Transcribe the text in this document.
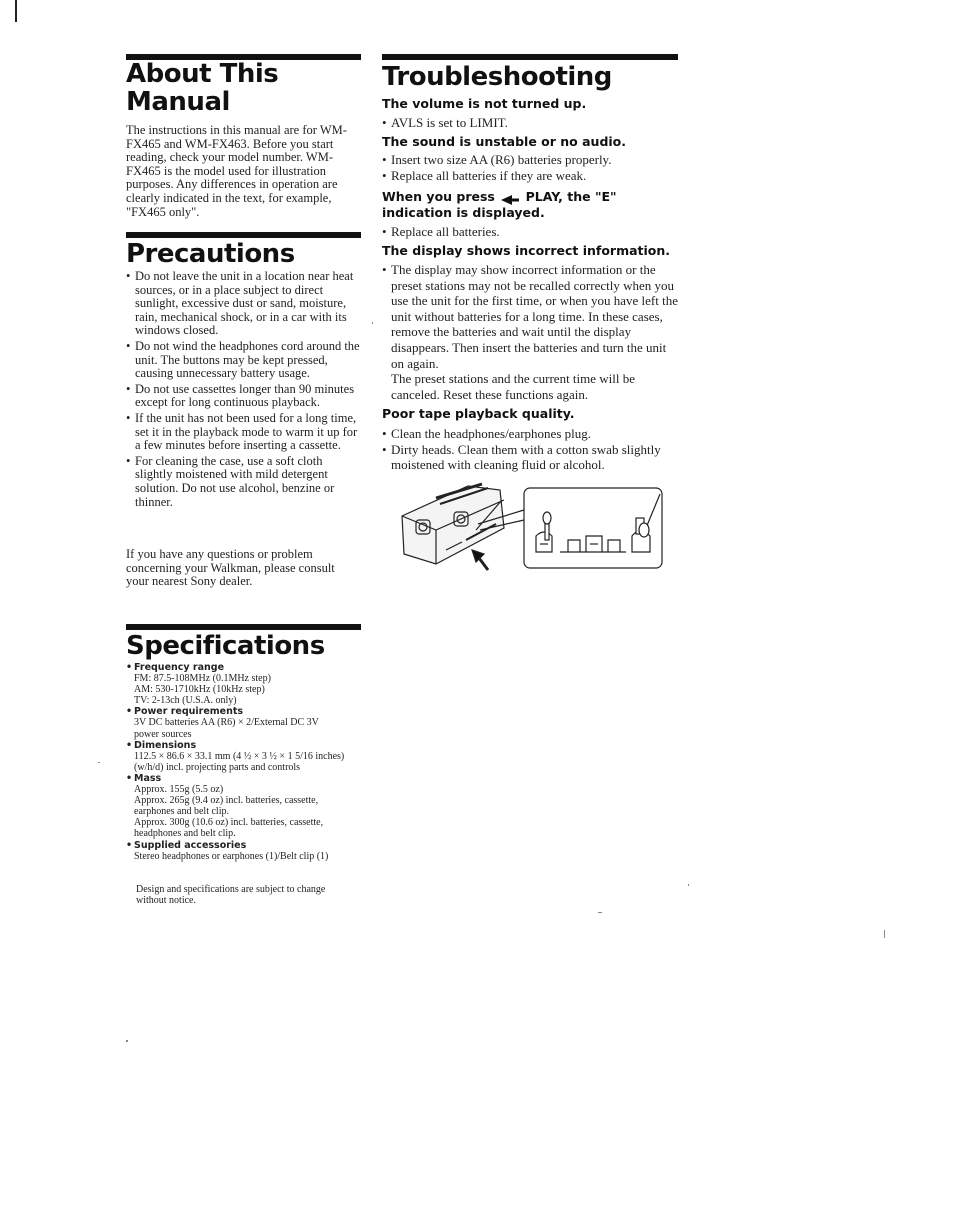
About This Manual
The instructions in this manual are for WM-FX465 and WM-FX463. Before you start reading, check your model number. WM-FX465 is the model used for illustration purposes. Any differences in operation are clearly indicated in the text, for example, "FX465 only".
Precautions
• Do not leave the unit in a location near heat sources, or in a place subject to direct sunlight, excessive dust or sand, moisture, rain, mechanical shock, or in a car with its windows closed.
• Do not wind the headphones cord around the unit. The buttons may be kept pressed, causing unnecessary battery usage.
• Do not use cassettes longer than 90 minutes except for long continuous playback.
• If the unit has not been used for a long time, set it in the playback mode to warm it up for a few minutes before inserting a cassette.
• For cleaning the case, use a soft cloth slightly moistened with mild detergent solution. Do not use alcohol, benzine or thinner.
If you have any questions or problem concerning your Walkman, please consult your nearest Sony dealer.
Troubleshooting
The volume is not turned up.
• AVLS is set to LIMIT.
The sound is unstable or no audio.
• Insert two size AA (R6) batteries properly.
• Replace all batteries if they are weak.
When you press PLAY, the "E" indication is displayed.
• Replace all batteries.
The display shows incorrect information.
• The display may show incorrect information or the preset stations may not be recalled correctly when you use the unit for the first time, or when you have left the unit without batteries for a long time. In these cases, remove the batteries and wait until the display disappears. Then insert the batteries and turn the unit on again.
The preset stations and the current time will be canceled. Reset these functions again.
Poor tape playback quality.
• Clean the headphones/earphones plug.
• Dirty heads. Clean them with a cotton swab slightly moistened with cleaning fluid or alcohol.
Specifications
• Frequency range
FM: 87.5-108MHz (0.1MHz step)
AM: 530-1710kHz (10kHz step)
TV: 2-13ch (U.S.A. only)
• Power requirements
3V DC batteries AA (R6) × 2/External DC 3V
power sources
• Dimensions
112.5 × 86.6 × 33.1 mm (4 ½ × 3 ½ × 1 5/16 inches)
(w/h/d) incl. projecting parts and controls
• Mass
Approx. 155g (5.5 oz)
Approx. 265g (9.4 oz) incl. batteries, cassette,
earphones and belt clip.
Approx. 300g (10.6 oz) incl. batteries, cassette,
headphones and belt clip.
• Supplied accessories
Stereo headphones or earphones (1)/Belt clip (1)
Design and specifications are subject to change
without notice.
